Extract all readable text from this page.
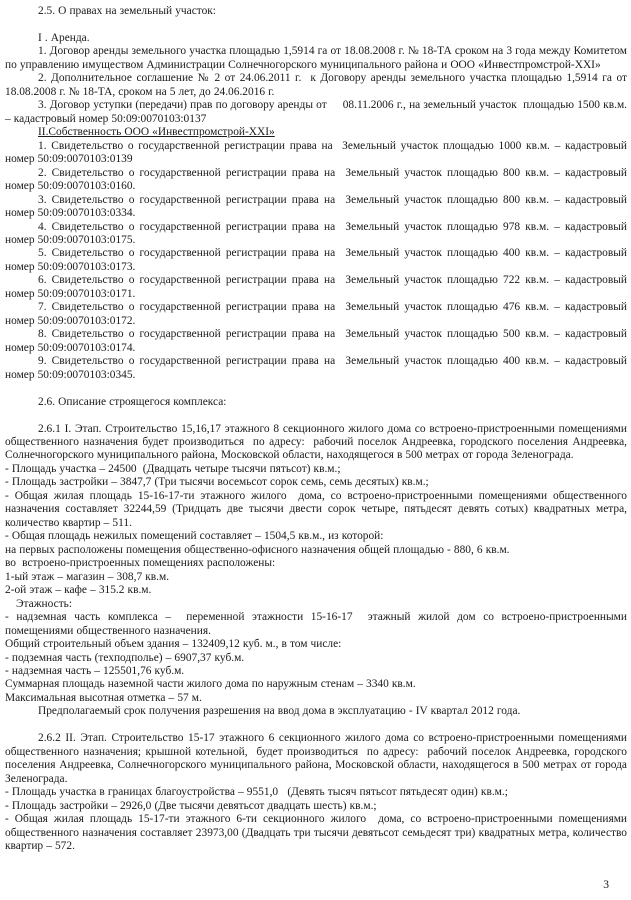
2.5. О правах на земельный участок:

I . Аренда.

1. Договор аренды земельного участка площадью 1,5914 га от 18.08.2008 г. № 18-ТА сроком на 3 года между Комитетом по управлению имуществом Администрации Солнечногорского муниципального района и ООО «Инвестпромстрой-XXI»

2. Дополнительное соглашение № 2 от 24.06.2011 г.  к Договору аренды земельного участка площадью 1,5914 га от 18.08.2008 г. № 18-ТА, сроком на 5 лет, до 24.06.2016 г.

3. Договор уступки (передачи) прав по договору аренды от     08.11.2006 г., на земельный участок  площадью 1500 кв.м. – кадастровый номер 50:09:0070103:0137

II.Собственность ООО «Инвестпромстрой-XXI»

1. Свидетельство о государственной регистрации права на  Земельный участок площадью 1000 кв.м. – кадастровый номер 50:09:0070103:0139

2. Свидетельство о государственной регистрации права на  Земельный участок площадью 800 кв.м. – кадастровый номер 50:09:0070103:0160.

3. Свидетельство о государственной регистрации права на  Земельный участок площадью 800 кв.м. – кадастровый номер 50:09:0070103:0334.

4. Свидетельство о государственной регистрации права на  Земельный участок площадью 978 кв.м. – кадастровый номер 50:09:0070103:0175.

5. Свидетельство о государственной регистрации права на  Земельный участок площадью 400 кв.м. – кадастровый номер 50:09:0070103:0173.

6. Свидетельство о государственной регистрации права на  Земельный участок площадью 722 кв.м. – кадастровый номер 50:09:0070103:0171.

7. Свидетельство о государственной регистрации права на  Земельный участок площадью 476 кв.м. – кадастровый номер 50:09:0070103:0172.

8. Свидетельство о государственной регистрации права на  Земельный участок площадью 500 кв.м. – кадастровый номер 50:09:0070103:0174.

9. Свидетельство о государственной регистрации права на  Земельный участок площадью 400 кв.м. – кадастровый номер 50:09:0070103:0345.

2.6. Описание строящегося комплекса:

2.6.1 I. Этап. Строительство 15,16,17 этажного 8 секционного жилого дома со встроено-пристроенными помещениями общественного назначения будет производиться  по адресу:  рабочий поселок Андреевка, городского поселения Андреевка, Солнечногорского муниципального района, Московской области, находящегося в 500 метрах от города Зеленограда.

- Площадь участка – 24500  (Двадцать четыре тысячи пятьсот) кв.м.;

- Площадь застройки – 3847,7 (Три тысячи восемьсот сорок семь, семь десятых) кв.м.;

- Общая жилая площадь 15-16-17-ти этажного жилого  дома, со встроено-пристроенными помещениями общественного назначения составляет 32244,59 (Тридцать две тысячи двести сорок четыре, пятьдесят девять сотых) квадратных метра, количество квартир – 511.

- Общая площадь нежилых помещений составляет – 1504,5 кв.м., из которой:

на первых расположены помещения общественно-офисного назначения общей площадью - 880, 6 кв.м.

во  встроено-пристроенных помещениях расположены:

1-ый этаж – магазин – 308,7 кв.м.

2-ой этаж – кафе – 315.2 кв.м.

Этажность:

- надземная часть комплекса –  переменной этажности 15-16-17  этажный жилой дом со встроено-пристроенными помещениями общественного назначения.

Общий строительный объем здания – 132409,12 куб. м., в том числе:

- подземная часть (техподполье) – 6907,37 куб.м.

- надземная часть – 125501,76 куб.м.

Суммарная площадь наземной части жилого дома по наружным стенам – 3340 кв.м.

Максимальная высотная отметка – 57 м.

Предполагаемый срок получения разрешения на ввод дома в эксплуатацию - IV квартал 2012 года.

2.6.2 II. Этап. Строительство 15-17 этажного 6 секционного жилого дома со встроено-пристроенными помещениями общественного назначения; крышной котельной,  будет производиться  по адресу:  рабочий поселок Андреевка, городского поселения Андреевка, Солнечногорского муниципального района, Московской области, находящегося в 500 метрах от города Зеленограда.

- Площадь участка в границах благоустройства – 9551,0   (Девять тысяч пятьсот пятьдесят один) кв.м.;

- Площадь застройки – 2926,0 (Две тысячи девятьсот двадцать шесть) кв.м.;

- Общая жилая площадь 15-17-ти этажного 6-ти секционного жилого  дома, со встроено-пристроенными помещениями общественного назначения составляет 23973,00 (Двадцать три тысячи девятьсот семьдесят три) квадратных метра, количество квартир – 572.

3
